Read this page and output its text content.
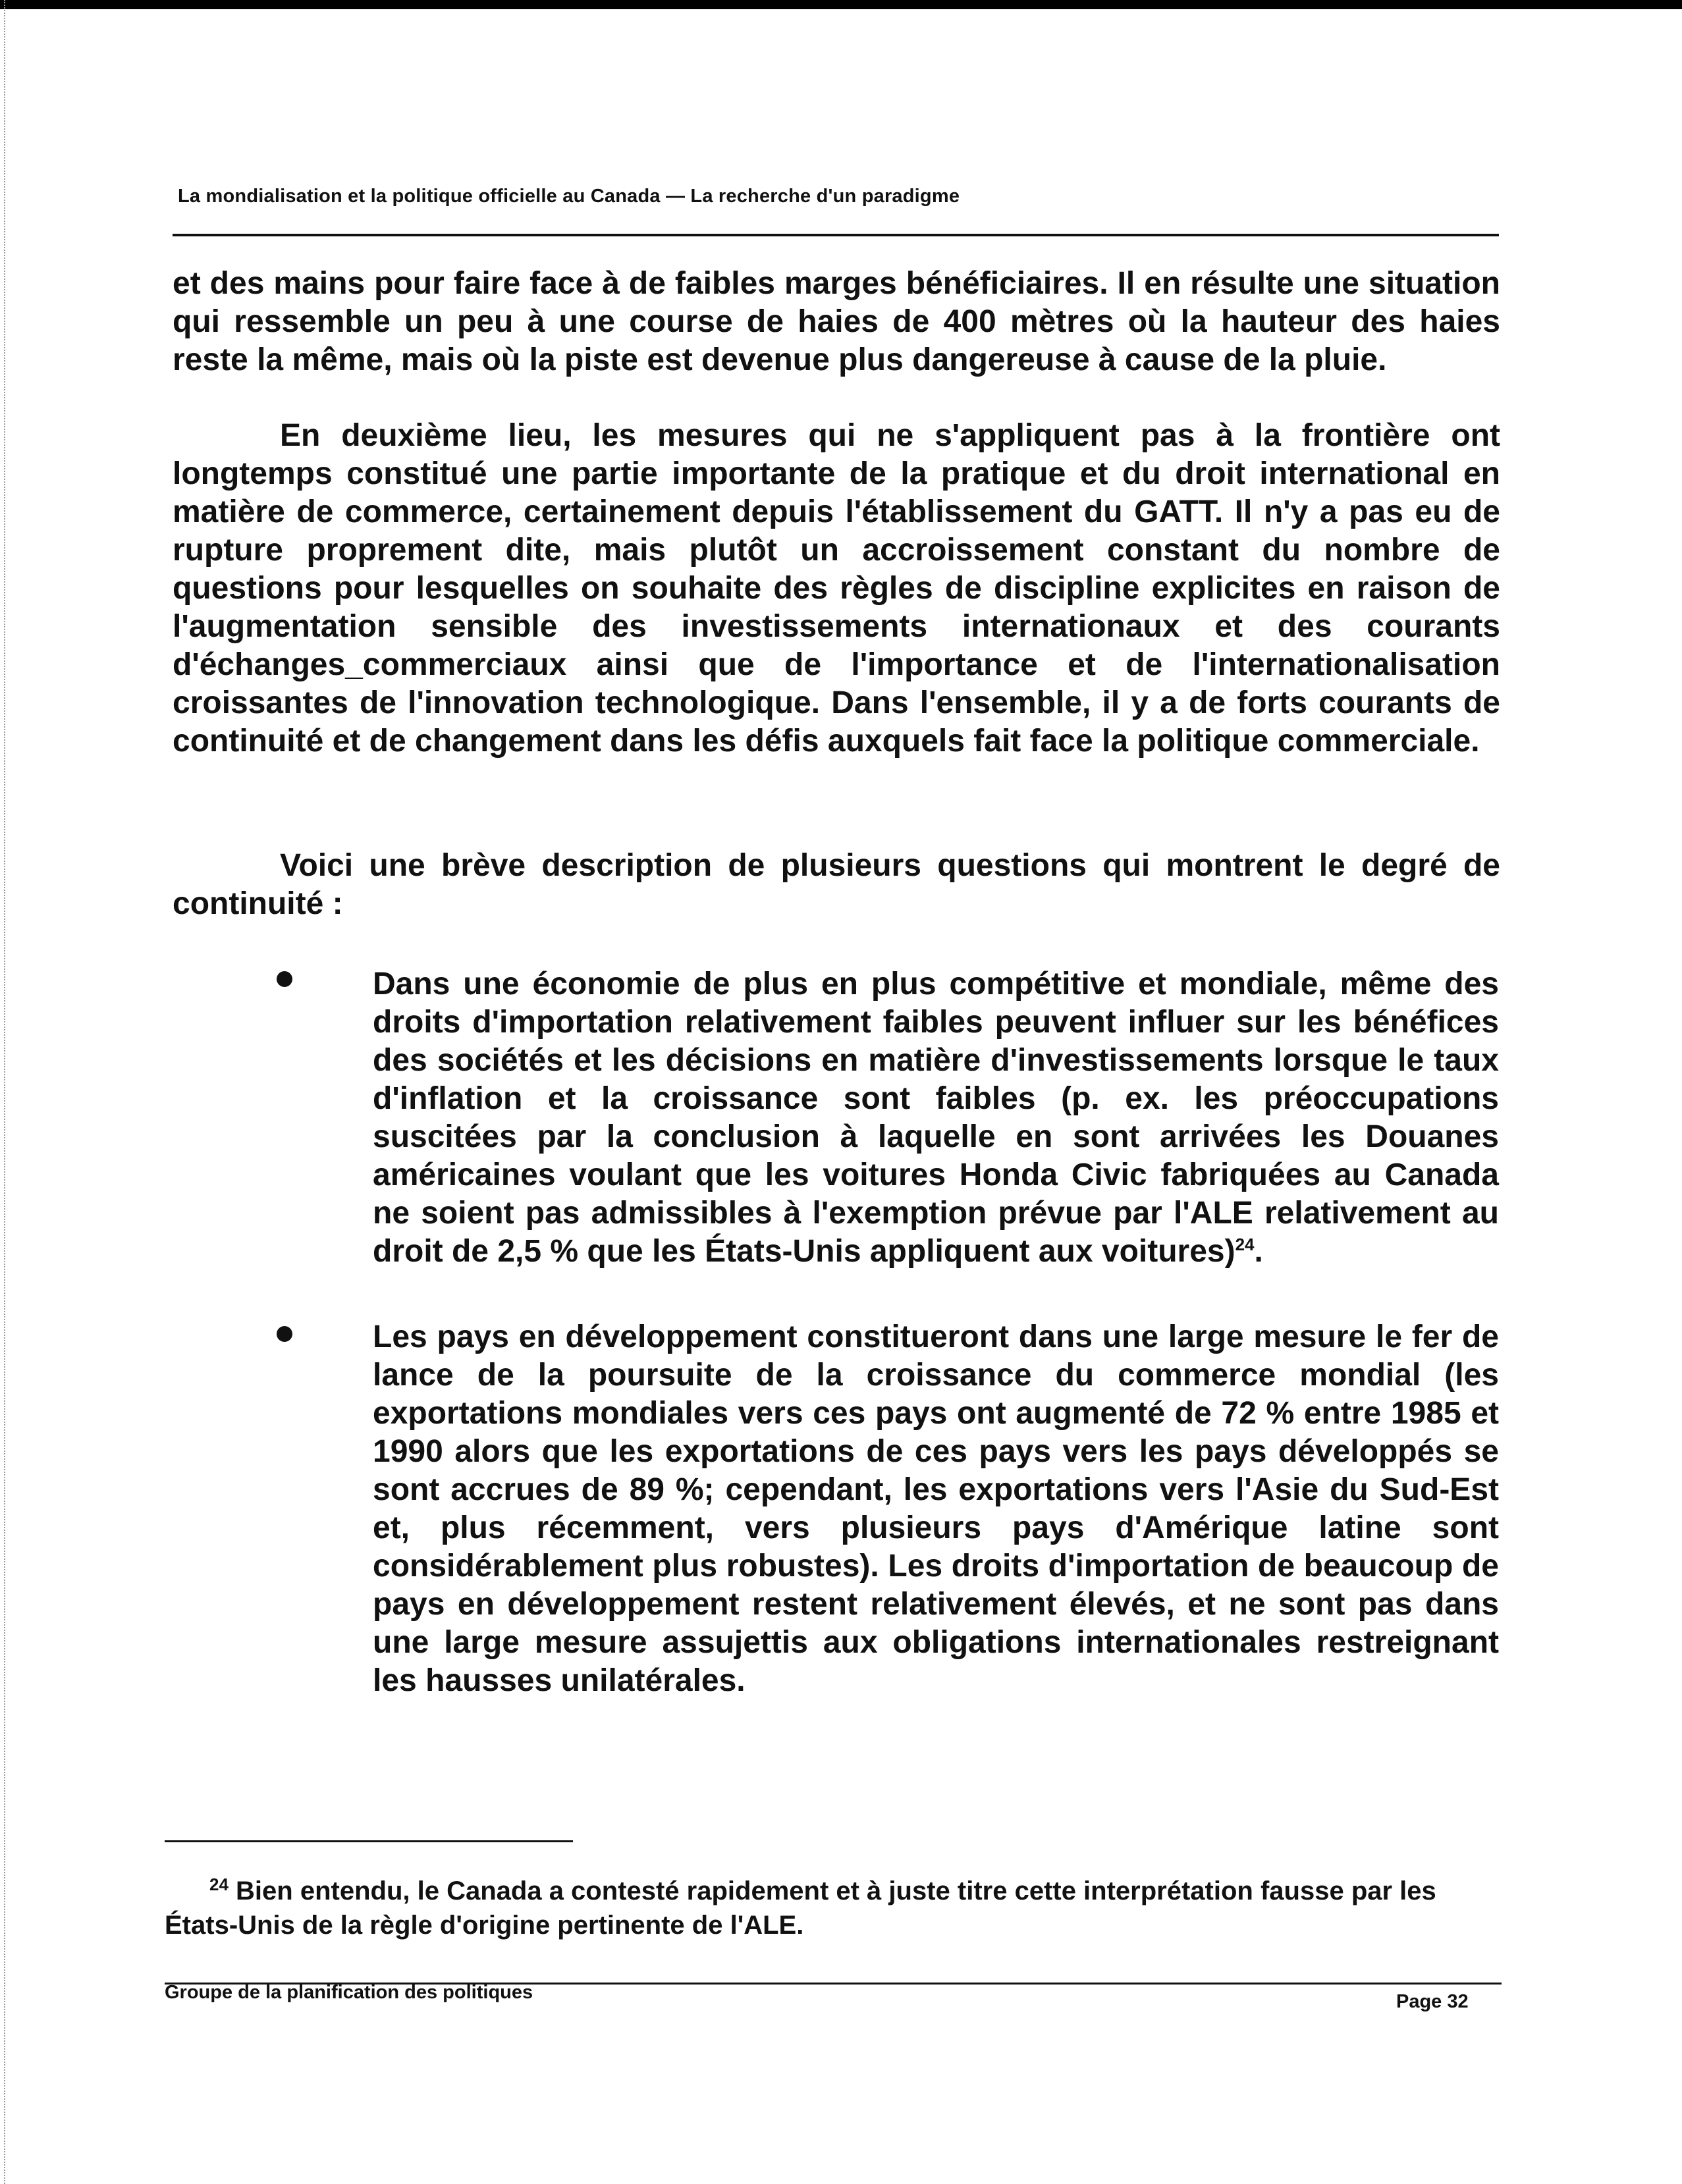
La mondialisation et la politique officielle au Canada — La recherche d'un paradigme

et des mains pour faire face à de faibles marges bénéficiaires. Il en résulte une situation qui ressemble un peu à une course de haies de 400 mètres où la hauteur des haies reste la même, mais où la piste est devenue plus dangereuse à cause de la pluie.

En deuxième lieu, les mesures qui ne s'appliquent pas à la frontière ont longtemps constitué une partie importante de la pratique et du droit international en matière de commerce, certainement depuis l'établissement du GATT. Il n'y a pas eu de rupture proprement dite, mais plutôt un accroissement constant du nombre de questions pour lesquelles on souhaite des règles de discipline explicites en raison de l'augmentation sensible des investissements internationaux et des courants d'échanges_commerciaux ainsi que de l'importance et de l'internationalisation croissantes de l'innovation technologique. Dans l'ensemble, il y a de forts courants de continuité et de changement dans les défis auxquels fait face la politique commerciale.

Voici une brève description de plusieurs questions qui montrent le degré de continuité :

Dans une économie de plus en plus compétitive et mondiale, même des droits d'importation relativement faibles peuvent influer sur les bénéfices des sociétés et les décisions en matière d'investissements lorsque le taux d'inflation et la croissance sont faibles (p. ex. les préoccupations suscitées par la conclusion à laquelle en sont arrivées les Douanes américaines voulant que les voitures Honda Civic fabriquées au Canada ne soient pas admissibles à l'exemption prévue par l'ALE relativement au droit de 2,5 % que les États-Unis appliquent aux voitures)$^{24}$.

Les pays en développement constitueront dans une large mesure le fer de lance de la poursuite de la croissance du commerce mondial (les exportations mondiales vers ces pays ont augmenté de 72 % entre 1985 et 1990 alors que les exportations de ces pays vers les pays développés se sont accrues de 89 %; cependant, les exportations vers l'Asie du Sud-Est et, plus récemment, vers plusieurs pays d'Amérique latine sont considérablement plus robustes). Les droits d'importation de beaucoup de pays en développement restent relativement élevés, et ne sont pas dans une large mesure assujettis aux obligations internationales restreignant les hausses unilatérales.

$^{24}$ Bien entendu, le Canada a contesté rapidement et à juste titre cette interprétation fausse par les États-Unis de la règle d'origine pertinente de l'ALE.

Groupe de la planification des politiques	Page 32
